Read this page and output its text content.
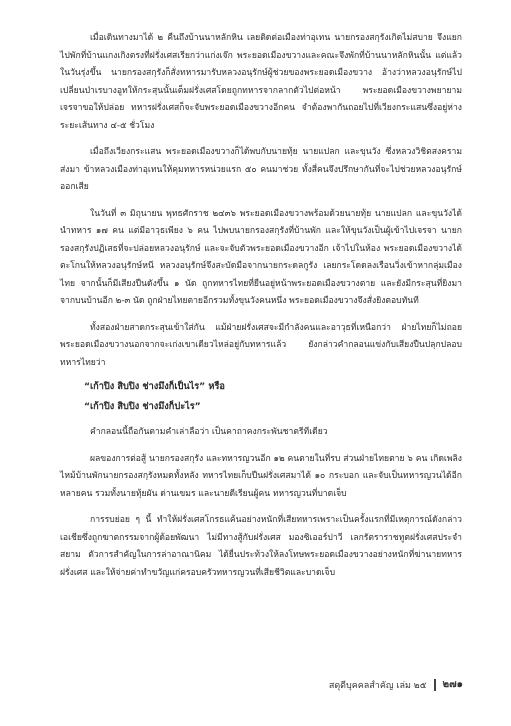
เมื่อเดินทางมาได้ ๒ คืนถึงบ้านนาหลักหิน เลยติดต่อเมืองท่าอุเทน นายกรองสกุรังเกิดไม่สบาย จึงแยกไปพักที่บ้านแกงเกิงตรงที่ฝรั่งเศสเรียกว่าแก่งเจ๊ก พระยอดเมืองขวางและคณะจึงพักที่บ้านนาหลักหินนั้น แต่แล้วในวันรุ่งขึ้น นายกรองสกุรังก็สั่งทหารมารับหลวงอนุรักษ์ผู้ช่วยของพระยอดเมืองขวาง อ้างว่าหลวงอนุรักษ์ไปเปลี่ยนป่าเรบางอูทให้กระสุนนั้นเต็มฝรั่งเศสโดยถูกทหารจากลากตัวไปต่อหน้า พระยอดเมืองขวางพยายามเจรจาขอให้ปล่อย ทหารฝรั่งเศสก็จะจับพระยอดเมืองขวางอีกคน จำต้องพากันถอยไปที่เวียงกระแสนซึ่งอยู่ห่างระยะเส้นทาง ๔-๕ ชั่วโมง

เมื่อถึงเวียงกระแสน พระยอดเมืองขวางก็ได้พบกับนายทุ้ย นายแปลก และขุนวัง ซึ่งหลวงวิชิตสงครามส่งมา ข้าหลวงเมืองท่าอุเทนให้คุมทหารหน่วยแรก ๕๐ คนมาช่วย ทั้งสี่คนจึงปรึกษากันที่จะไปช่วยหลวงอนุรักษ์ออกเสีย

ในวันที่ ๓ มิถุนายน พุทธศักราช ๒๔๓๖ พระยอดเมืองขวางพร้อมด้วยนายทุ้ย นายแปลก และขุนวังได้นำทหาร ๑๗ คน แต่มีอาวุธเพียง ๖ คน ไปพบนายกรองสกุรังที่บ้านพัก และให้ขุนวังเป็นผู้เข้าไปเจรจา นายกรองสกุรังปฏิเสธที่จะปล่อยหลวงอนุรักษ์ และจะจับตัวพระยอดเมืองขวางอีก เจ้าไปในห้อง พระยอดเมืองขวางได้ตะโกนให้หลวงอนุรักษ์หนี หลวงอนุรักษ์จึงสะบัดมือจากนายกระดลกูรัง เลยกระโดดลงเรือนวิ่งเข้าหากลุ่มเมืองไทย จากนั้นก็มีเสียงปืนดังขึ้น ๑ นัด ถูกทหารไทยที่ยืนอยู่หน้าพระยอดเมืองขวางตาย และยังมีกระสุนที่ยิงมาจากบนบ้านอีก ๒-๓ นัด ถูกฝ่ายไทยตายอีกรวมทั้งขุนวังคนหนึ่ง พระยอดเมืองขวางจึงสั่งยิงตอบทันที

ทั้งสองฝ่ายสาดกระสุนเข้าใส่กัน แม้ฝ่ายฝรั่งเศสจะมีกำลังคนและอาวุธที่เหนือกว่า ฝ่ายไทยก็ไม่ถอย พระยอดเมืองขวางนอกจากจะเก่งเขาเดียวไหล่อยู่กับทหารแล้ว ยังกล่าวคำกลอนแข่งกับเสียงปืนปลุกปลอบทหารไทยว่า

“เก้าปิง สิบปิง ช่างมึงก็เป็นไร” หรือ

“เก้าปิง สิบปิง ช่างมึงก็ปะไร”

คำกลอนนี้ถือกันตามคำเล่าลือว่า เป็นคาถาคงกระพันชาตรีทีเดียว

ผลของการต่อสู้ นายกรองสกุรัง และทหารญวนอีก ๑๒ คนตายในที่รบ ส่วนฝ่ายไทยตาย ๖ คน เกิดเพลิงไหม้บ้านพักนายกรองสกุรังหมดทั้งหลัง ทหารไทยเก็บปืนฝรั่งเศสมาได้ ๑๐ กระบอก และจับเป็นทหารญวนได้อีกหลายคน รวมทั้งนายทุ้ยผัน ด่านเขมร และนายดีเรียนผู้คน ทหารญวนที่บาดเจ็บ

การรบย่อย ๆ นี้ ทำให้ฝรั่งเศสโกรธแค้นอย่างหนักที่เสียทหารเพราะเป็นครั้งแรกที่มีเหตุการณ์ดังกล่าวเอเชียซึ่งถูกฆาตกรรมจากผู้ด้อยพัฒนา ไม่มีทางสู้กับฝรั่งเศส มองซิเออร์ปาวี เลกรัตราราชทูตฝรั่งเศสประจำสยาม ตัวการสำคัญในการล่าอาณานิคม ได้ยื่นประท้วงให้ลงโทษพระยอดเมืองขวางอย่างหนักที่ฆ่านายทหารฝรั่งเศส และให้จ่ายค่าทำขวัญแก่ครอบครัวทหารญวนที่เสียชีวิตและบาดเจ็บ

สดุดีบุคคลสำคัญ เล่ม ๒๕ ๒๗๑
